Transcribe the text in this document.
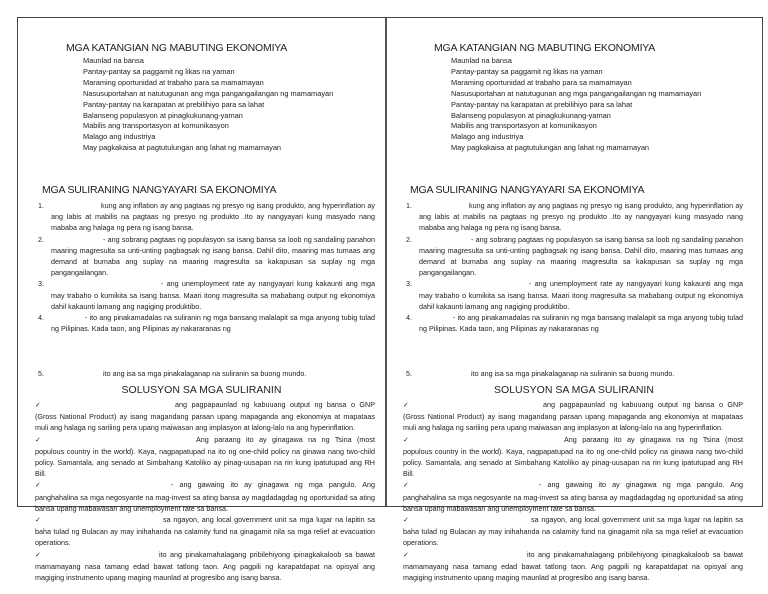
MGA KATANGIAN NG MABUTING EKONOMIYA
Maunlad na bansa
Pantay-pantay sa paggamit ng likas na yaman
Maraming oportunidad at trabaho para sa mamamayan
Nasusuportahan at natutugunan ang mga pangangailangan ng mamamayan
Pantay-pantay na karapatan at prebilihiyo para sa lahat
Balanseng populasyon at pinagkukunang-yaman
Mabilis ang transportasyon at komunikasyon
Malago ang industriya
May pagkakaisa at pagtutulungan ang lahat ng mamamayan
MGA SULIRANING NANGYAYARI SA EKONOMIYA
1.	kung ang inflation ay ang pagtaas ng presyo ng isang produkto, ang hyperinflation ay ang labis at mabilis na pagtaas ng presyo ng produkto .Ito ay nangyayari kung masyado nang mababa ang halaga ng pera ng isang bansa.
2.	- ang sobrang pagtaas ng populasyon sa isang bansa sa loob ng sandaling panahon maaring magresulta sa unti-unting pagbagsak ng isang bansa. Dahil dito, maaring mas tumaas ang demand at bumaba ang suplay na maaring magresulta sa kakapusan sa suplay ng mga pangangailangan.
3.	- ang unemployment rate ay nangyayari kung kakaunti ang mga may trabaho o kumikita sa isang bansa. Maari itong magresulta sa mababang output ng ekonomiya dahil kakaunti lamang ang nagiging produktibo.
4.	- ito ang pinakamadalas na suliranin ng mga bansang malalapit sa mga anyong tubig tulad ng Pilipinas. Kada taon, ang Pilipinas ay nakararanas ng
5.	ito ang isa sa mga pinakalaganap na suliranin sa buong mundo.
SOLUSYON SA MGA SULIRANIN
✓	ang pagpapaunlad ng kabuuang output ng bansa o GNP (Gross National Product) ay isang magandang paraan upang mapaganda ang ekonomiya at mapataas muli ang halaga ng sariling pera upang maiwasan ang implasyon at lalong-lalo na ang hyperinflation.
✓	Ang paraang ito ay ginagawa na ng Tsina (most populous country in the world). Kaya, nagpapatupad na ito ng one-child policy na ginawa nang two-child policy. Samantala, ang senado at Simbahang Katoliko ay pinag-uusapan na rin kung ipatutupad ang RH Bill.
✓	- ang gawaing ito ay ginagawa ng mga pangulo. Ang panghahalina sa mga negosyante na mag-invest sa ating bansa ay magdadagdag ng oportunidad sa ating bansa upang mabawasan ang unemployment rate sa bansa.
✓	sa ngayon, ang local government unit sa mga lugar na lapitin sa baha tulad ng Bulacan ay may inihahanda na calamity fund na ginagamit nila sa mga relief at evacuation operations.
✓	ito ang pinakamahalagang pribilehiyong ipinagkakaloob sa bawat mamamayang nasa tamang edad bawat tatlong taon. Ang pagpili ng karapatdapat na opisyal ang magiging instrumento upang maging maunlad at progresibo ang isang bansa.
MGA KATANGIAN NG MABUTING EKONOMIYA
Maunlad na bansa
Pantay-pantay sa paggamit ng likas na yaman
Maraming oportunidad at trabaho para sa mamamayan
Nasusuportahan at natutugunan ang mga pangangailangan ng mamamayan
Pantay-pantay na karapatan at prebilihiyo para sa lahat
Balanseng populasyon at pinagkukunang-yaman
Mabilis ang transportasyon at komunikasyon
Malago ang industriya
May pagkakaisa at pagtutulungan ang lahat ng mamamayan
MGA SULIRANING NANGYAYARI SA EKONOMIYA
1.	kung ang inflation ay ang pagtaas ng presyo ng isang produkto, ang hyperinflation ay ang labis at mabilis na pagtaas ng presyo ng produkto .Ito ay nangyayari kung masyado nang mababa ang halaga ng pera ng isang bansa.
2.	- ang sobrang pagtaas ng populasyon sa isang bansa sa loob ng sandaling panahon maaring magresulta sa unti-unting pagbagsak ng isang bansa. Dahil dito, maaring mas tumaas ang demand at bumaba ang suplay na maaring magresulta sa kakapusan sa suplay ng mga pangangailangan.
3.	- ang unemployment rate ay nangyayari kung kakaunti ang mga may trabaho o kumikita sa isang bansa. Maari itong magresulta sa mababang output ng ekonomiya dahil kakaunti lamang ang nagiging produktibo.
4.	- ito ang pinakamadalas na suliranin ng mga bansang malalapit sa mga anyong tubig tulad ng Pilipinas. Kada taon, ang Pilipinas ay nakararanas ng
5.	ito ang isa sa mga pinakalaganap na suliranin sa buong mundo.
SOLUSYON SA MGA SULIRANIN
✓	ang pagpapaunlad ng kabuuang output ng bansa o GNP (Gross National Product) ay isang magandang paraan upang mapaganda ang ekonomiya at mapataas muli ang halaga ng sariling pera upang maiwasan ang implasyon at lalong-lalo na ang hyperinflation.
✓	Ang paraang ito ay ginagawa na ng Tsina (most populous country in the world). Kaya, nagpapatupad na ito ng one-child policy na ginawa nang two-child policy. Samantala, ang senado at Simbahang Katoliko ay pinag-uusapan na rin kung ipatutupad ang RH Bill.
✓	- ang gawaing ito ay ginagawa ng mga pangulo. Ang panghahalina sa mga negosyante na mag-invest sa ating bansa ay magdadagdag ng oportunidad sa ating bansa upang mabawasan ang unemployment rate sa bansa.
✓	sa ngayon, ang local government unit sa mga lugar na lapitin sa baha tulad ng Bulacan ay may inihahanda na calamity fund na ginagamit nila sa mga relief at evacuation operations.
✓	ito ang pinakamahalagang pribilehiyong ipinagkakaloob sa bawat mamamayang nasa tamang edad bawat tatlong taon. Ang pagpili ng karapatdapat na opisyal ang magiging instrumento upang maging maunlad at progresibo ang isang bansa.
